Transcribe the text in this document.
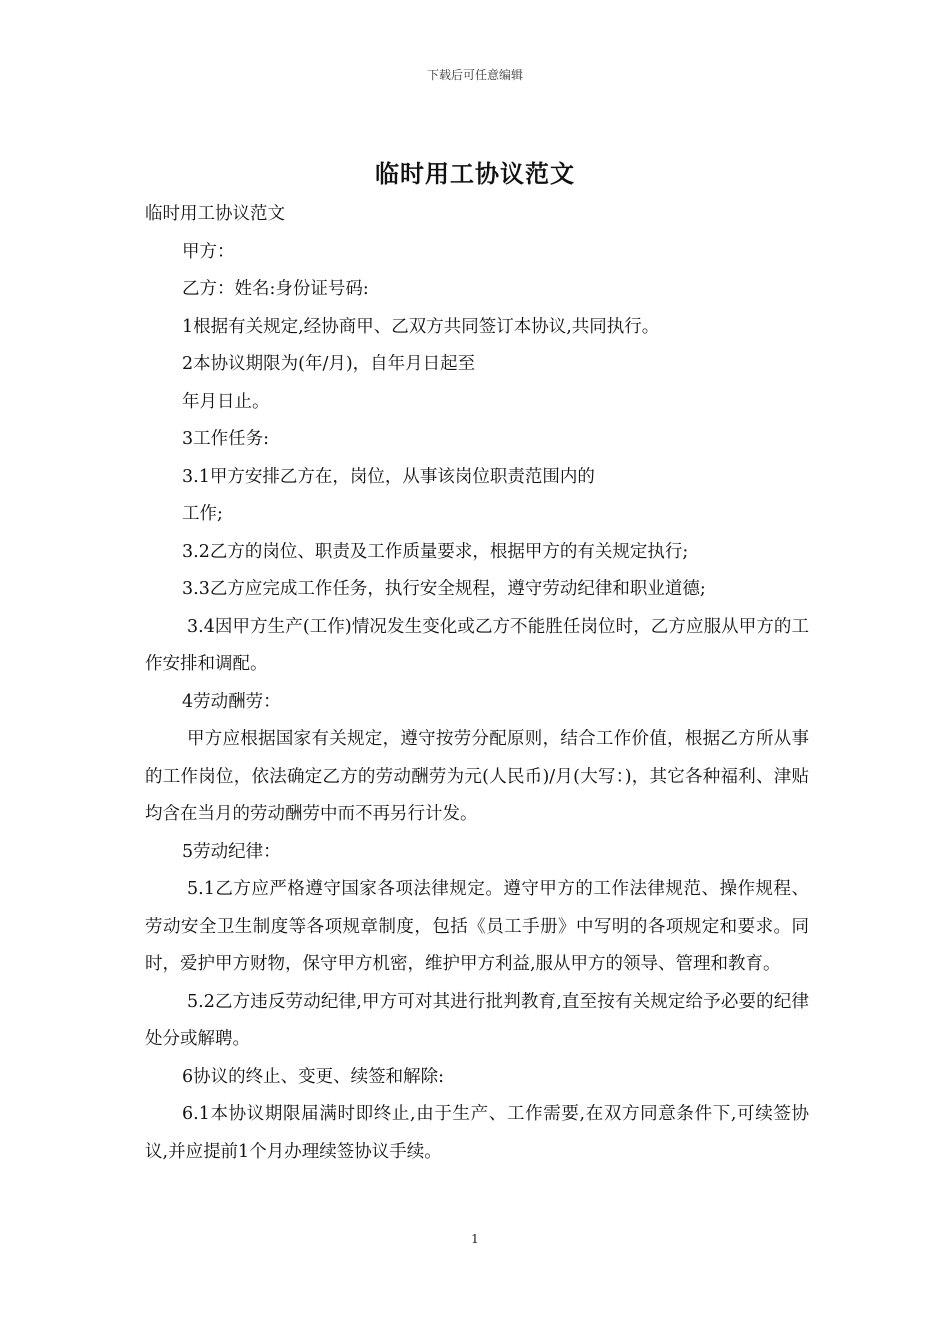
下载后可任意编辑
临时用工协议范文

临时用工协议范文

甲方：

乙方：姓名:身份证号码:

1根据有关规定,经协商甲、乙双方共同签订本协议,共同执行。

2本协议期限为(年/月)，自年月日起至

年月日止。

3工作任务:

3.1甲方安排乙方在，岗位，从事该岗位职责范围内的

工作;

3.2乙方的岗位、职责及工作质量要求，根据甲方的有关规定执行;

3.3乙方应完成工作任务，执行安全规程，遵守劳动纪律和职业道德;

3.4因甲方生产(工作)情况发生变化或乙方不能胜任岗位时，乙方应服从甲方的工作安排和调配。

4劳动酬劳：

甲方应根据国家有关规定，遵守按劳分配原则，结合工作价值，根据乙方所从事的工作岗位，依法确定乙方的劳动酬劳为元(人民币)/月(大写：)，其它各种福利、津贴均含在当月的劳动酬劳中而不再另行计发。

5劳动纪律：

5.1乙方应严格遵守国家各项法律规定。遵守甲方的工作法律规范、操作规程、劳动安全卫生制度等各项规章制度，包括《员工手册》中写明的各项规定和要求。同时，爱护甲方财物，保守甲方机密，维护甲方利益,服从甲方的领导、管理和教育。

5.2乙方违反劳动纪律,甲方可对其进行批判教育,直至按有关规定给予必要的纪律处分或解聘。

6协议的终止、变更、续签和解除:

6.1本协议期限届满时即终止,由于生产、工作需要,在双方同意条件下,可续签协议,并应提前1个月办理续签协议手续。

1
